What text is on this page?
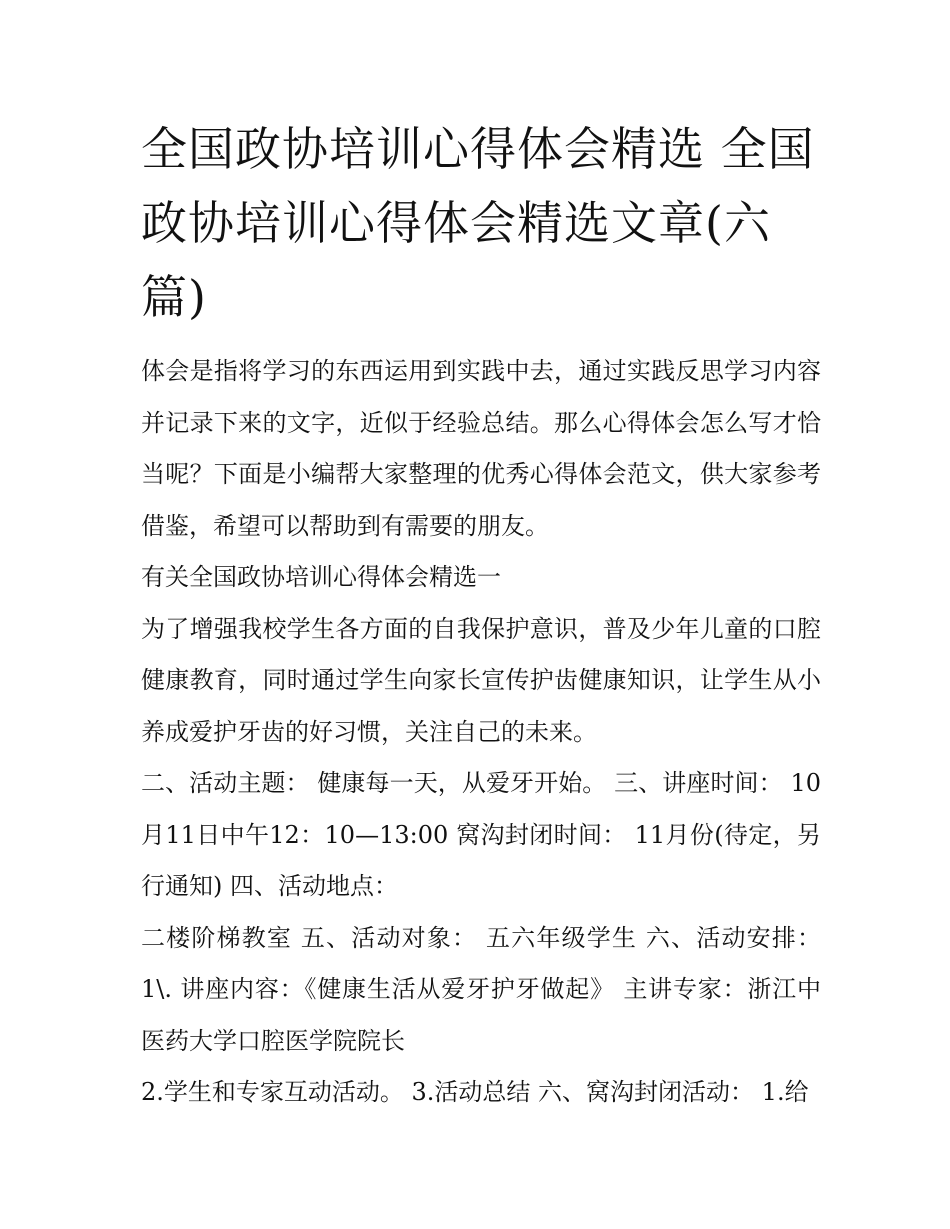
全国政协培训心得体会精选 全国政协培训心得体会精选文章(六篇)

体会是指将学习的东西运用到实践中去，通过实践反思学习内容并记录下来的文字，近似于经验总结。那么心得体会怎么写才恰当呢？下面是小编帮大家整理的优秀心得体会范文，供大家参考借鉴，希望可以帮助到有需要的朋友。

有关全国政协培训心得体会精选一

为了增强我校学生各方面的自我保护意识，普及少年儿童的口腔健康教育，同时通过学生向家长宣传护齿健康知识，让学生从小养成爱护牙齿的好习惯，关注自己的未来。

二、活动主题： 健康每一天，从爱牙开始。 三、讲座时间： 10月11日中午12：10—13:00 窝沟封闭时间： 11月份(待定，另行通知) 四、活动地点：

二楼阶梯教室 五、活动对象： 五六年级学生 六、活动安排： 1\. 讲座内容：《健康生活从爱牙护牙做起》 主讲专家：浙江中医药大学口腔医学院院长

2.学生和专家互动活动。 3.活动总结 六、窝沟封闭活动： 1.给
